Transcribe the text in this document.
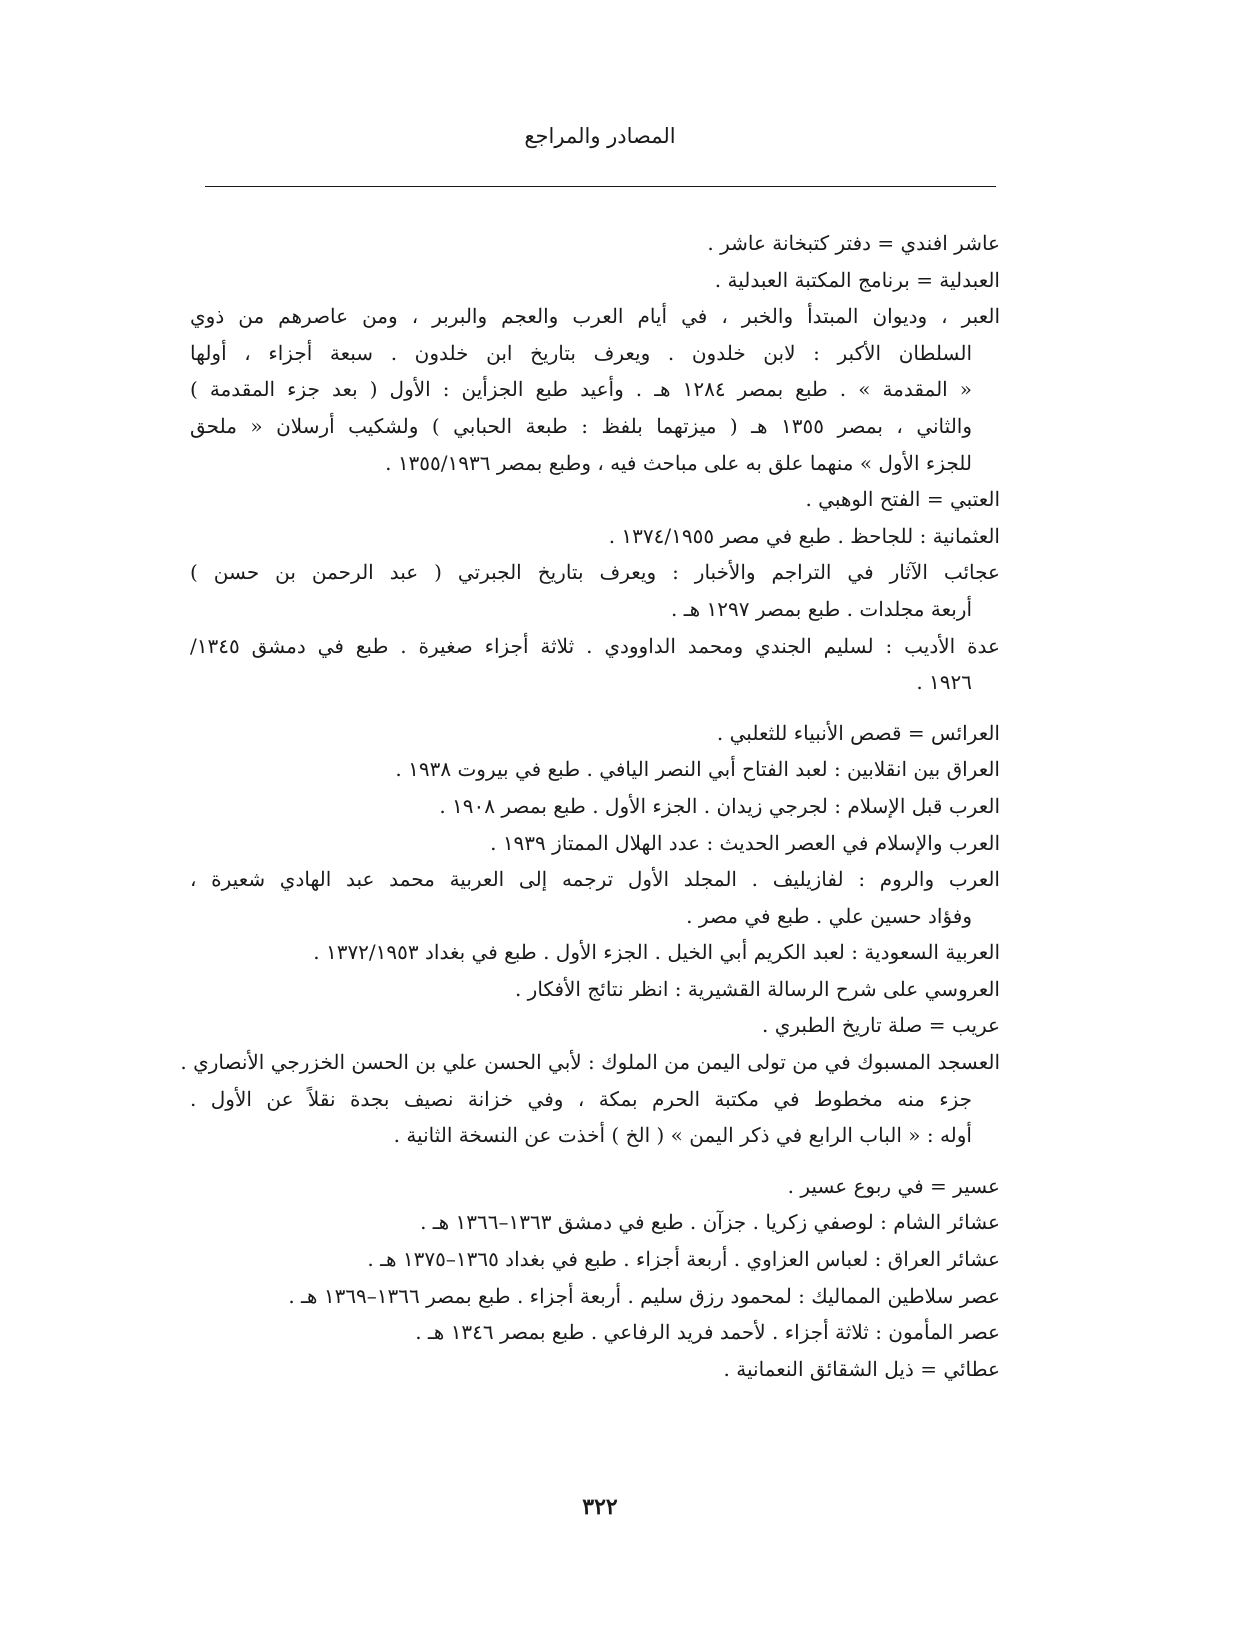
المصادر والمراجع
عاشر افندي = دفتر كتبخانة عاشر .
العبدلية = برنامج المكتبة العبدلية .
العبر ، وديوان المبتدأ والخبر ، في أيام العرب والعجم والبربر ، ومن عاصرهم من ذوي
السلطان الأكبر : لابن خلدون . ويعرف بتاريخ ابن خلدون . سبعة أجزاء ، أولها
« المقدمة » . طبع بمصر ١٢٨٤ هـ . وأعيد طبع الجزأين : الأول ( بعد جزء المقدمة )
والثاني ، بمصر ١٣٥٥ هـ ( ميزتهما بلفظ : طبعة الحبابي ) ولشكيب أرسلان « ملحق
للجزء الأول » منهما علق به على مباحث فيه ، وطبع بمصر ١٣٥٥/١٩٣٦ .
العتبي = الفتح الوهبي .
العثمانية : للجاحظ . طبع في مصر ١٣٧٤/١٩٥٥ .
عجائب الآثار في التراجم والأخبار : ويعرف بتاريخ الجبرتي ( عبد الرحمن بن حسن )
أربعة مجلدات . طبع بمصر ١٢٩٧ هـ .
عدة الأديب : لسليم الجندي ومحمد الداوودي . ثلاثة أجزاء صغيرة . طبع في دمشق ١٣٤٥/
١٩٢٦ .
العرائس = قصص الأنبياء للثعلبي .
العراق بين انقلابين : لعبد الفتاح أبي النصر اليافي . طبع في بيروت ١٩٣٨ .
العرب قبل الإسلام : لجرجي زيدان . الجزء الأول . طبع بمصر ١٩٠٨ .
العرب والإسلام في العصر الحديث : عدد الهلال الممتاز ١٩٣٩ .
العرب والروم : لفازيليف . المجلد الأول ترجمه إلى العربية محمد عبد الهادي شعيرة ،
وفؤاد حسين علي . طبع في مصر .
العربية السعودية : لعبد الكريم أبي الخيل . الجزء الأول . طبع في بغداد ١٣٧٢/١٩٥٣ .
العروسي على شرح الرسالة القشيرية : انظر نتائج الأفكار .
عريب = صلة تاريخ الطبري .
العسجد المسبوك في من تولى اليمن من الملوك : لأبي الحسن علي بن الحسن الخزرجي الأنصاري .
جزء منه مخطوط في مكتبة الحرم بمكة ، وفي خزانة نصيف بجدة نقلاً عن الأول .
أوله : « الباب الرابع في ذكر اليمن » ( الخ ) أخذت عن النسخة الثانية .
عسير = في ربوع عسير .
عشائر الشام : لوصفي زكريا . جزآن . طبع في دمشق ١٣٦٣–١٣٦٦ هـ .
عشائر العراق : لعباس العزاوي . أربعة أجزاء . طبع في بغداد ١٣٦٥–١٣٧٥ هـ .
عصر سلاطين المماليك : لمحمود رزق سليم . أربعة أجزاء . طبع بمصر ١٣٦٦–١٣٦٩ هـ .
عصر المأمون : ثلاثة أجزاء . لأحمد فريد الرفاعي . طبع بمصر ١٣٤٦ هـ .
عطائي = ذيل الشقائق النعمانية .
٣٢٢
